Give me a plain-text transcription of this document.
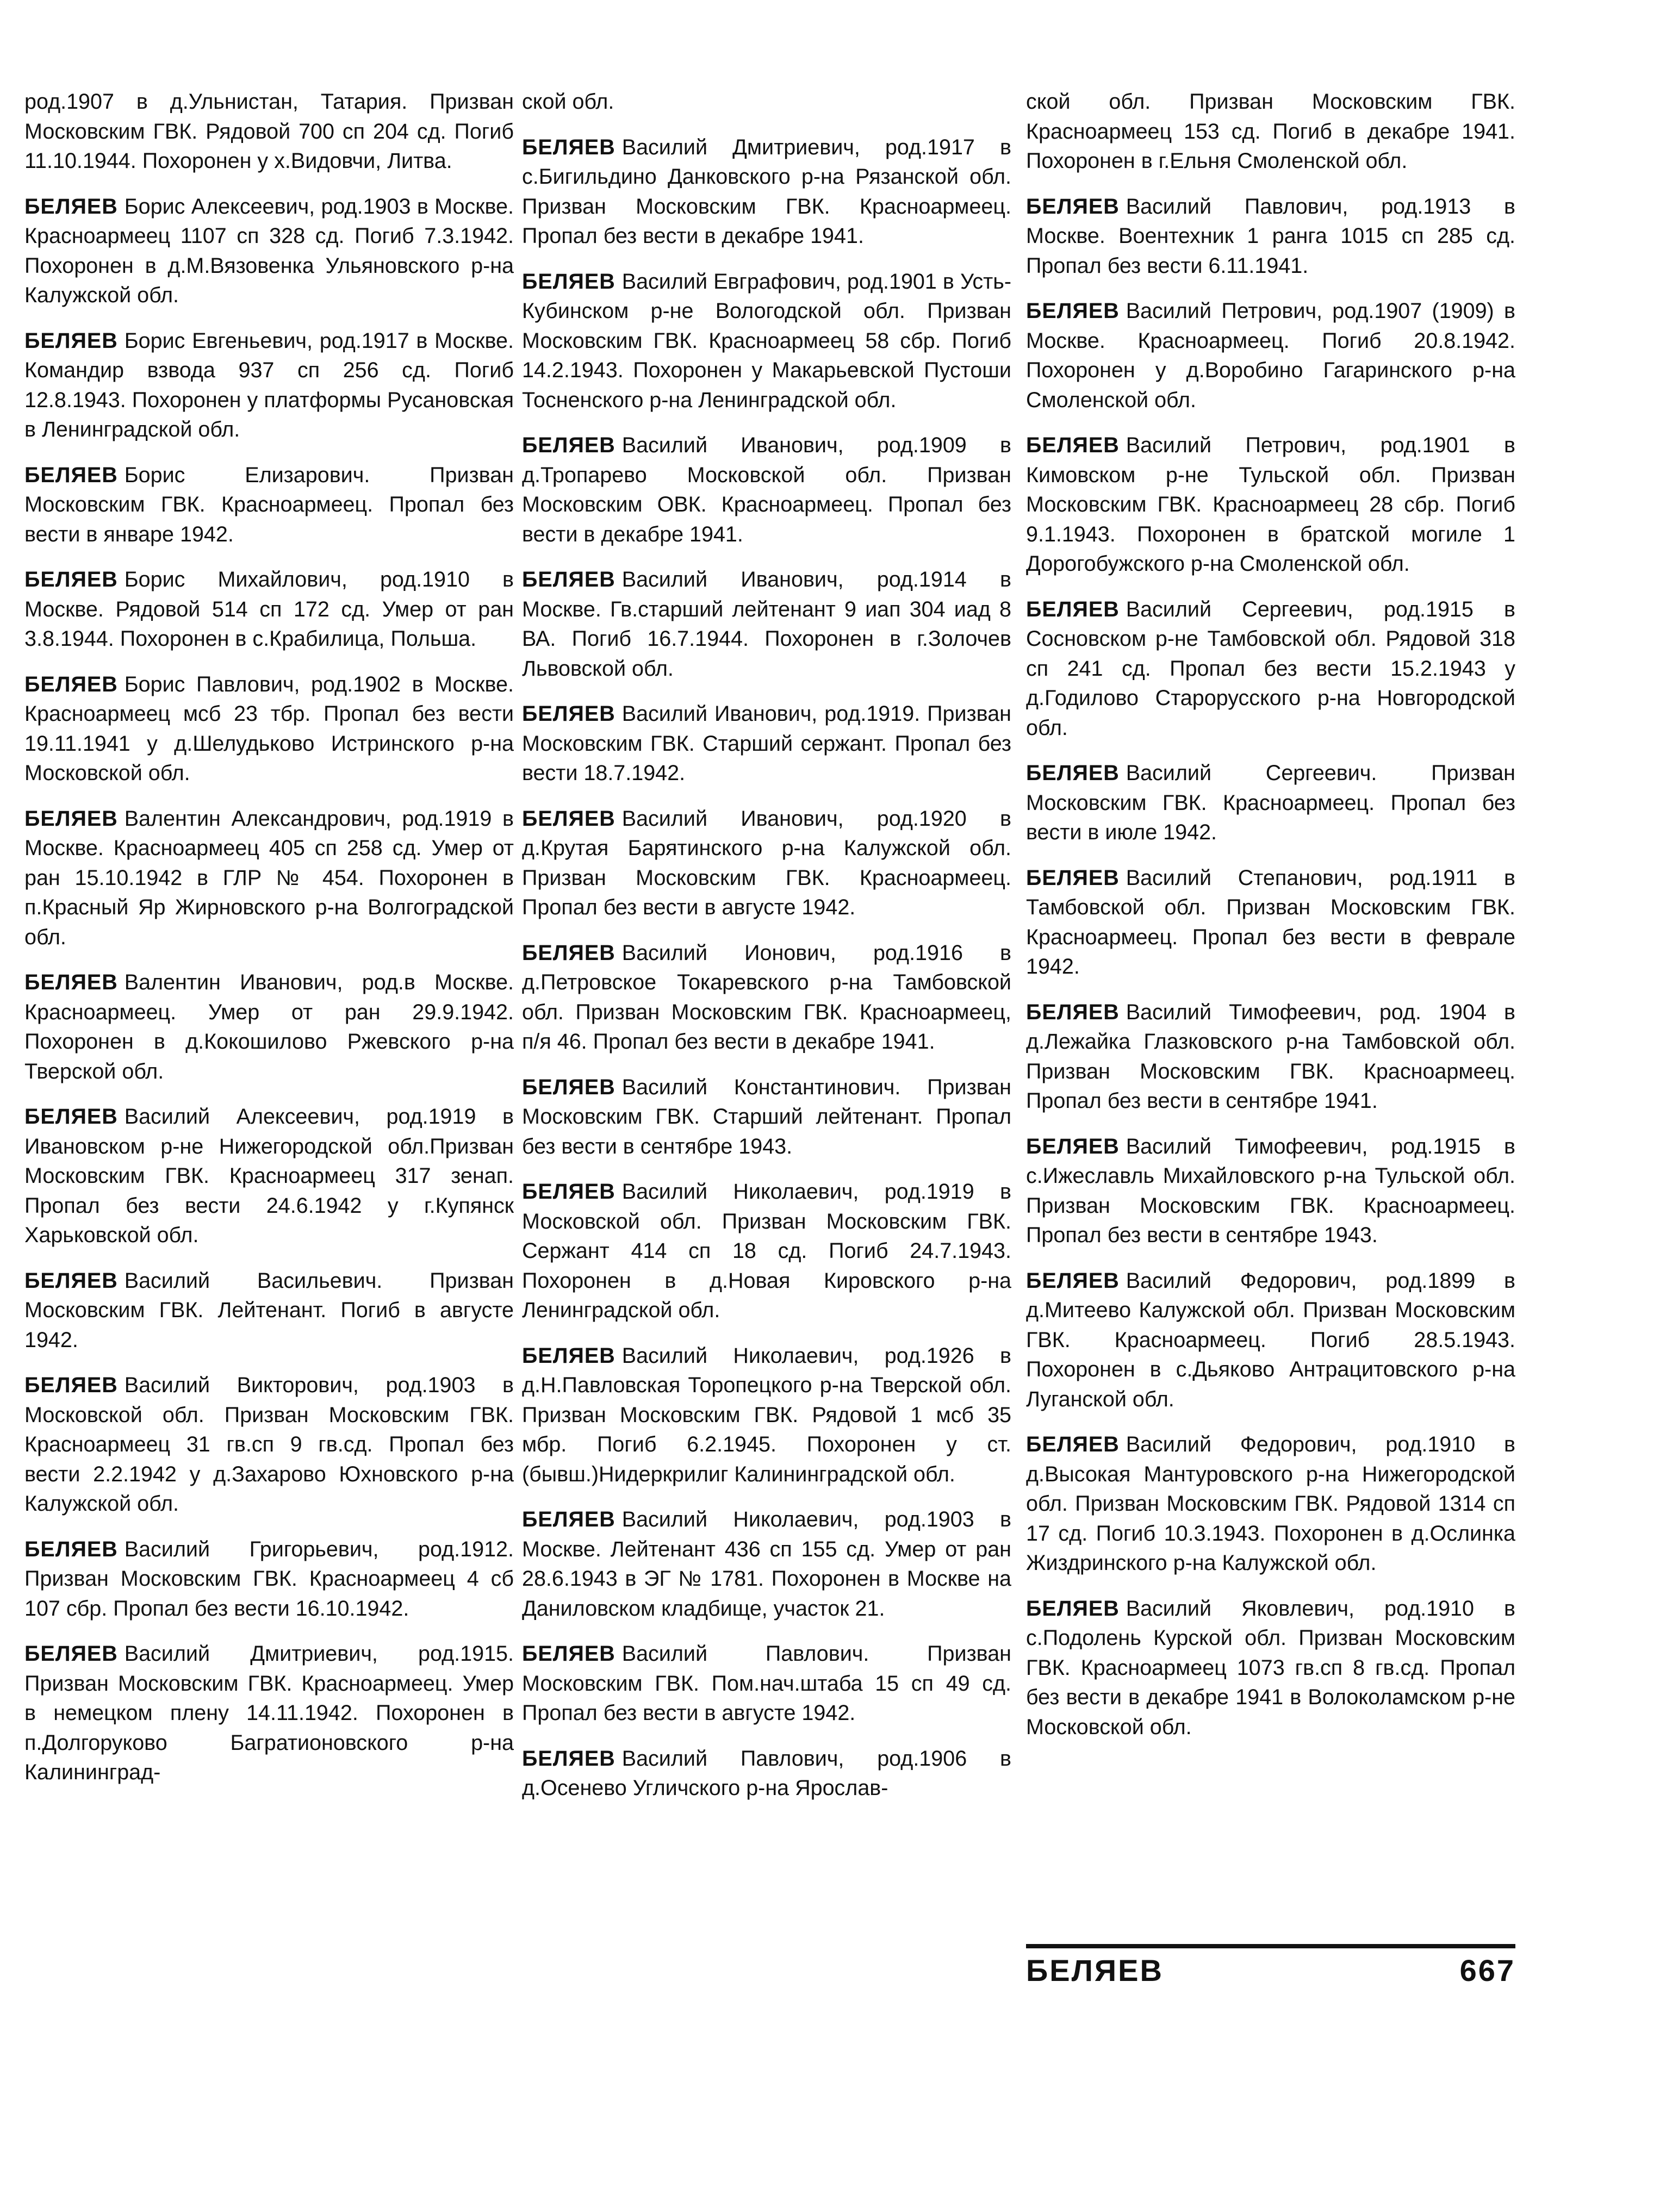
род.1907 в д.Ульнистан, Татария. Призван Московским ГВК. Рядовой 700 сп 204 сд. Погиб 11.10.1944. Похоронен у х.Видовчи, Литва.

БЕЛЯЕВ Борис Алексеевич, род.1903 в Москве. Красноармеец 1107 сп 328 сд. Погиб 7.3.1942. Похоронен в д.М.Вязовенка Ульяновского р-на Калужской обл.

БЕЛЯЕВ Борис Евгеньевич, род.1917 в Москве. Командир взвода 937 сп 256 сд. Погиб 12.8.1943. Похоронен у платформы Русановская в Ленинградской обл.

БЕЛЯЕВ Борис Елизарович. Призван Московским ГВК. Красноармеец. Пропал без вести в январе 1942.

БЕЛЯЕВ Борис Михайлович, род.1910 в Москве. Рядовой 514 сп 172 сд. Умер от ран 3.8.1944. Похоронен в с.Крабилица, Польша.

БЕЛЯЕВ Борис Павлович, род.1902 в Москве. Красноармеец мсб 23 тбр. Пропал без вести 19.11.1941 у д.Шелудьково Истринского р-на Московской обл.

БЕЛЯЕВ Валентин Александрович, род.1919 в Москве. Красноармеец 405 сп 258 сд. Умер от ран 15.10.1942 в ГЛР № 454. Похоронен в п.Красный Яр Жирновского р-на Волгоградской обл.

БЕЛЯЕВ Валентин Иванович, род.в Москве. Красноармеец. Умер от ран 29.9.1942. Похоронен в д.Кокошилово Ржевского р-на Тверской обл.

БЕЛЯЕВ Василий Алексеевич, род.1919 в Ивановском р-не Нижегородской обл.Призван Московским ГВК. Красноармеец 317 зенап. Пропал без вести 24.6.1942 у г.Купянск Харьковской обл.

БЕЛЯЕВ Василий Васильевич. Призван Московским ГВК. Лейтенант. Погиб в августе 1942.

БЕЛЯЕВ Василий Викторович, род.1903 в Московской обл. Призван Московским ГВК. Красноармеец 31 гв.сп 9 гв.сд. Пропал без вести 2.2.1942 у д.Захарово Юхновского р-на Калужской обл.

БЕЛЯЕВ Василий Григорьевич, род.1912. Призван Московским ГВК. Красноармеец 4 сб 107 сбр. Пропал без вести 16.10.1942.

БЕЛЯЕВ Василий Дмитриевич, род.1915. Призван Московским ГВК. Красноармеец. Умер в немецком плену 14.11.1942. Похоронен в п.Долгоруково Багратионовского р-на Калининград-

ской обл.

БЕЛЯЕВ Василий Дмитриевич, род.1917 в с.Бигильдино Данковского р-на Рязанской обл. Призван Московским ГВК. Красноармеец. Пропал без вести в декабре 1941.

БЕЛЯЕВ Василий Евграфович, род.1901 в Усть-Кубинском р-не Вологодской обл. Призван Московским ГВК. Красноармеец 58 сбр. Погиб 14.2.1943. Похоронен у Макарьевской Пустоши Тосненского р-на Ленинградской обл.

БЕЛЯЕВ Василий Иванович, род.1909 в д.Тропарево Московской обл. Призван Московским ОВК. Красноармеец. Пропал без вести в декабре 1941.

БЕЛЯЕВ Василий Иванович, род.1914 в Москве. Гв.старший лейтенант 9 иап 304 иад 8 ВА. Погиб 16.7.1944. Похоронен в г.Золочев Львовской обл.

БЕЛЯЕВ Василий Иванович, род.1919. Призван Московским ГВК. Старший сержант. Пропал без вести 18.7.1942.

БЕЛЯЕВ Василий Иванович, род.1920 в д.Крутая Барятинского р-на Калужской обл. Призван Московским ГВК. Красноармеец. Пропал без вести в августе 1942.

БЕЛЯЕВ Василий Ионович, род.1916 в д.Петровское Токаревского р-на Тамбовской обл. Призван Московским ГВК. Красноармеец, п/я 46. Пропал без вести в декабре 1941.

БЕЛЯЕВ Василий Константинович. Призван Московским ГВК. Старший лейтенант. Пропал без вести в сентябре 1943.

БЕЛЯЕВ Василий Николаевич, род.1919 в Московской обл. Призван Московским ГВК. Сержант 414 сп 18 сд. Погиб 24.7.1943. Похоронен в д.Новая Кировского р-на Ленинградской обл.

БЕЛЯЕВ Василий Николаевич, род.1926 в д.Н.Павловская Торопецкого р-на Тверской обл. Призван Московским ГВК. Рядовой 1 мсб 35 мбр. Погиб 6.2.1945. Похоронен у ст.(бывш.)Нидеркрилиг Калининградской обл.

БЕЛЯЕВ Василий Николаевич, род.1903 в Москве. Лейтенант 436 сп 155 сд. Умер от ран 28.6.1943 в ЭГ № 1781. Похоронен в Москве на Даниловском кладбище, участок 21.

БЕЛЯЕВ Василий Павлович. Призван Московским ГВК. Пом.нач.штаба 15 сп 49 сд. Пропал без вести в августе 1942.

БЕЛЯЕВ Василий Павлович, род.1906 в д.Осенево Угличского р-на Ярослав-

ской обл. Призван Московским ГВК. Красноармеец 153 сд. Погиб в декабре 1941. Похоронен в г.Ельня Смоленской обл.

БЕЛЯЕВ Василий Павлович, род.1913 в Москве. Воентехник 1 ранга 1015 сп 285 сд. Пропал без вести 6.11.1941.

БЕЛЯЕВ Василий Петрович, род.1907 (1909) в Москве. Красноармеец. Погиб 20.8.1942. Похоронен у д.Воробино Гагаринского р-на Смоленской обл.

БЕЛЯЕВ Василий Петрович, род.1901 в Кимовском р-не Тульской обл. Призван Московским ГВК. Красноармеец 28 сбр. Погиб 9.1.1943. Похоронен в братской могиле 1 Дорогобужского р-на Смоленской обл.

БЕЛЯЕВ Василий Сергеевич, род.1915 в Сосновском р-не Тамбовской обл. Рядовой 318 сп 241 сд. Пропал без вести 15.2.1943 у д.Годилово Старорусского р-на Новгородской обл.

БЕЛЯЕВ Василий Сергеевич. Призван Московским ГВК. Красноармеец. Пропал без вести в июле 1942.

БЕЛЯЕВ Василий Степанович, род.1911 в Тамбовской обл. Призван Московским ГВК. Красноармеец. Пропал без вести в феврале 1942.

БЕЛЯЕВ Василий Тимофеевич, род. 1904 в д.Лежайка Глазковского р-на Тамбовской обл. Призван Московским ГВК. Красноармеец. Пропал без вести в сентябре 1941.

БЕЛЯЕВ Василий Тимофеевич, род.1915 в с.Ижеславль Михайловского р-на Тульской обл. Призван Московским ГВК. Красноармеец. Пропал без вести в сентябре 1943.

БЕЛЯЕВ Василий Федорович, род.1899 в д.Митеево Калужской обл. Призван Московским ГВК. Красноармеец. Погиб 28.5.1943. Похоронен в с.Дьяково Антрацитовского р-на Луганской обл.

БЕЛЯЕВ Василий Федорович, род.1910 в д.Высокая Мантуровского р-на Нижегородской обл. Призван Московским ГВК. Рядовой 1314 сп 17 сд. Погиб 10.3.1943. Похоронен в д.Ослинка Жиздринского р-на Калужской обл.

БЕЛЯЕВ Василий Яковлевич, род.1910 в с.Подолень Курской обл. Призван Московским ГВК. Красноармеец 1073 гв.сп 8 гв.сд. Пропал без вести в декабре 1941 в Волоколамском р-не Московской обл.

БЕЛЯЕВ	667
